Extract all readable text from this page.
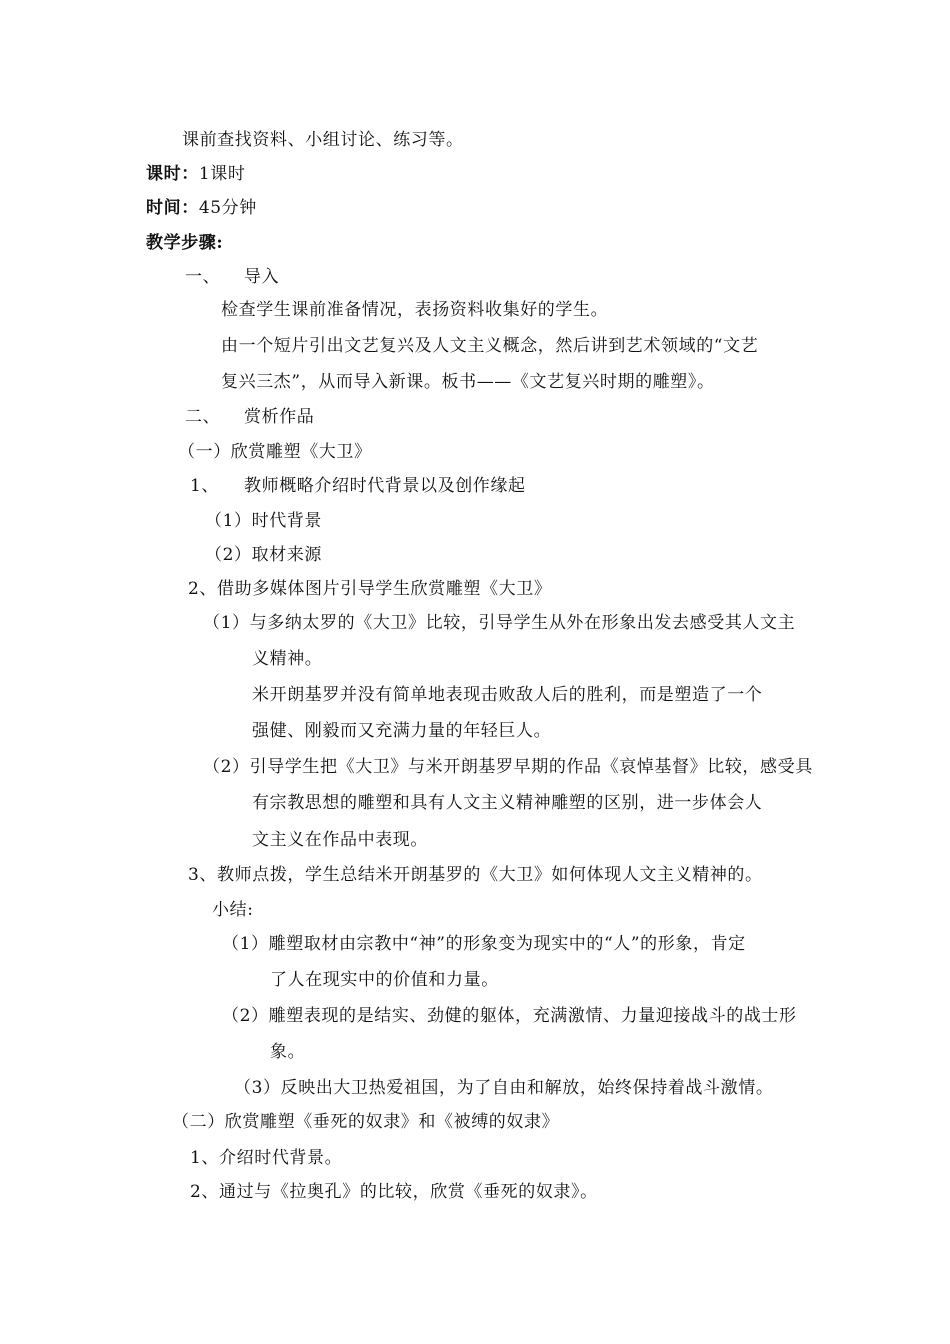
课前查找资料、小组讨论、练习等。
课时：1课时
时间：45分钟
教学步骤:
一、 导入
检查学生课前准备情况，表扬资料收集好的学生。
由一个短片引出文艺复兴及人文主义概念，然后讲到艺术领域的“文艺
复兴三杰”，从而导入新课。板书——《文艺复兴时期的雕塑》。
二、 赏析作品
（一）欣赏雕塑《大卫》
1、 教师概略介绍时代背景以及创作缘起
（1）时代背景
（2）取材来源
2、借助多媒体图片引导学生欣赏雕塑《大卫》
（1）与多纳太罗的《大卫》比较，引导学生从外在形象出发去感受其人文主
义精神。
米开朗基罗并没有简单地表现击败敌人后的胜利，而是塑造了一个
强健、刚毅而又充满力量的年轻巨人。
（2）引导学生把《大卫》与米开朗基罗早期的作品《哀悼基督》比较，感受具
有宗教思想的雕塑和具有人文主义精神雕塑的区别，进一步体会人
文主义在作品中表现。
3、教师点拨，学生总结米开朗基罗的《大卫》如何体现人文主义精神的。
小结:
（1）雕塑取材由宗教中“神”的形象变为现实中的“人”的形象，肯定
了人在现实中的价值和力量。
（2）雕塑表现的是结实、劲健的躯体，充满激情、力量迎接战斗的战士形
象。
（3）反映出大卫热爱祖国，为了自由和解放，始终保持着战斗激情。
（二）欣赏雕塑《垂死的奴隶》和《被缚的奴隶》
1、介绍时代背景。
2、通过与《拉奥孔》的比较，欣赏《垂死的奴隶》。
